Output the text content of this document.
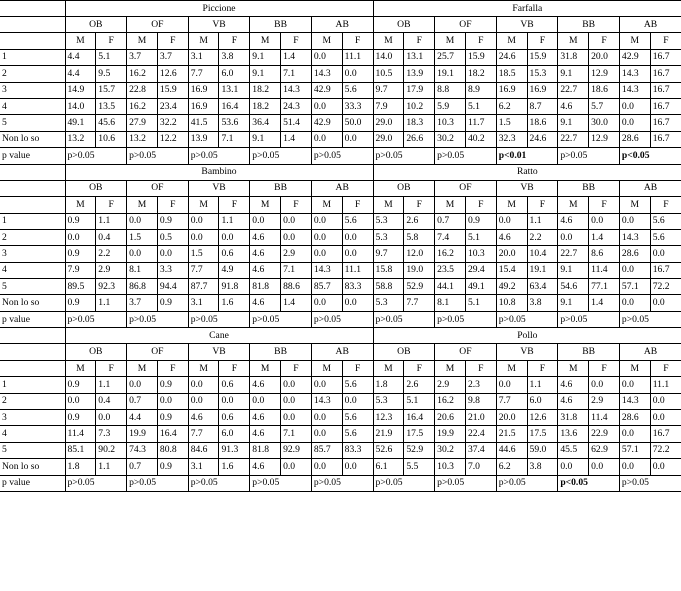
	Piccione										Farfalla									
	OB		OF		VB		BB		AB		OB		OF		VB		BB		AB	
	M	F	M	F	M	F	M	F	M	F	M	F	M	F	M	F	M	F	M	F
1	4.4	5.1	3.7	3.7	3.1	3.8	9.1	1.4	0.0	11.1	14.0	13.1	25.7	15.9	24.6	15.9	31.8	20.0	42.9	16.7
2	4.4	9.5	16.2	12.6	7.7	6.0	9.1	7.1	14.3	0.0	10.5	13.9	19.1	18.2	18.5	15.3	9.1	12.9	14.3	16.7
3	14.9	15.7	22.8	15.9	16.9	13.1	18.2	14.3	42.9	5.6	9.7	17.9	8.8	8.9	16.9	16.9	22.7	18.6	14.3	16.7
4	14.0	13.5	16.2	23.4	16.9	16.4	18.2	24.3	0.0	33.3	7.9	10.2	5.9	5.1	6.2	8.7	4.6	5.7	0.0	16.7
5	49.1	45.6	27.9	32.2	41.5	53.6	36.4	51.4	42.9	50.0	29.0	18.3	10.3	11.7	1.5	18.6	9.1	30.0	0.0	16.7
Non lo so	13.2	10.6	13.2	12.2	13.9	7.1	9.1	1.4	0.0	0.0	29.0	26.6	30.2	40.2	32.3	24.6	22.7	12.9	28.6	16.7
p value	p>0.05		p>0.05		p>0.05		p>0.05		p>0.05		p>0.05		p>0.05		p<0.01		p>0.05		p<0.05	
	Bambino										Ratto									
	OB		OF		VB		BB		AB		OB		OF		VB		BB		AB	
	M	F	M	F	M	F	M	F	M	F	M	F	M	F	M	F	M	F	M	F
1	0.9	1.1	0.0	0.9	0.0	1.1	0.0	0.0	0.0	5.6	5.3	2.6	0.7	0.9	0.0	1.1	4.6	0.0	0.0	5.6
2	0.0	0.4	1.5	0.5	0.0	0.0	4.6	0.0	0.0	0.0	5.3	5.8	7.4	5.1	4.6	2.2	0.0	1.4	14.3	5.6
3	0.9	2.2	0.0	0.0	1.5	0.6	4.6	2.9	0.0	0.0	9.7	12.0	16.2	10.3	20.0	10.4	22.7	8.6	28.6	0.0
4	7.9	2.9	8.1	3.3	7.7	4.9	4.6	7.1	14.3	11.1	15.8	19.0	23.5	29.4	15.4	19.1	9.1	11.4	0.0	16.7
5	89.5	92.3	86.8	94.4	87.7	91.8	81.8	88.6	85.7	83.3	58.8	52.9	44.1	49.1	49.2	63.4	54.6	77.1	57.1	72.2
Non lo so	0.9	1.1	3.7	0.9	3.1	1.6	4.6	1.4	0.0	0.0	5.3	7.7	8.1	5.1	10.8	3.8	9.1	1.4	0.0	0.0
p value	p>0.05		p>0.05		p>0.05		p>0.05		p>0.05		p>0.05		p>0.05		p>0.05		p>0.05		p>0.05	
	Cane										Pollo									
	OB		OF		VB		BB		AB		OB		OF		VB		BB		AB	
	M	F	M	F	M	F	M	F	M	F	M	F	M	F	M	F	M	F	M	F
1	0.9	1.1	0.0	0.9	0.0	0.6	4.6	0.0	0.0	5.6	1.8	2.6	2.9	2.3	0.0	1.1	4.6	0.0	0.0	11.1
2	0.0	0.4	0.7	0.0	0.0	0.0	0.0	0.0	14.3	0.0	5.3	5.1	16.2	9.8	7.7	6.0	4.6	2.9	14.3	0.0
3	0.9	0.0	4.4	0.9	4.6	0.6	4.6	0.0	0.0	5.6	12.3	16.4	20.6	21.0	20.0	12.6	31.8	11.4	28.6	0.0
4	11.4	7.3	19.9	16.4	7.7	6.0	4.6	7.1	0.0	5.6	21.9	17.5	19.9	22.4	21.5	17.5	13.6	22.9	0.0	16.7
5	85.1	90.2	74.3	80.8	84.6	91.3	81.8	92.9	85.7	83.3	52.6	52.9	30.2	37.4	44.6	59.0	45.5	62.9	57.1	72.2
Non lo so	1.8	1.1	0.7	0.9	3.1	1.6	4.6	0.0	0.0	0.0	6.1	5.5	10.3	7.0	6.2	3.8	0.0	0.0	0.0	0.0
p value	p>0.05		p>0.05		p>0.05		p>0.05		p>0.05		p>0.05		p>0.05		p>0.05		p<0.05		p>0.05	
